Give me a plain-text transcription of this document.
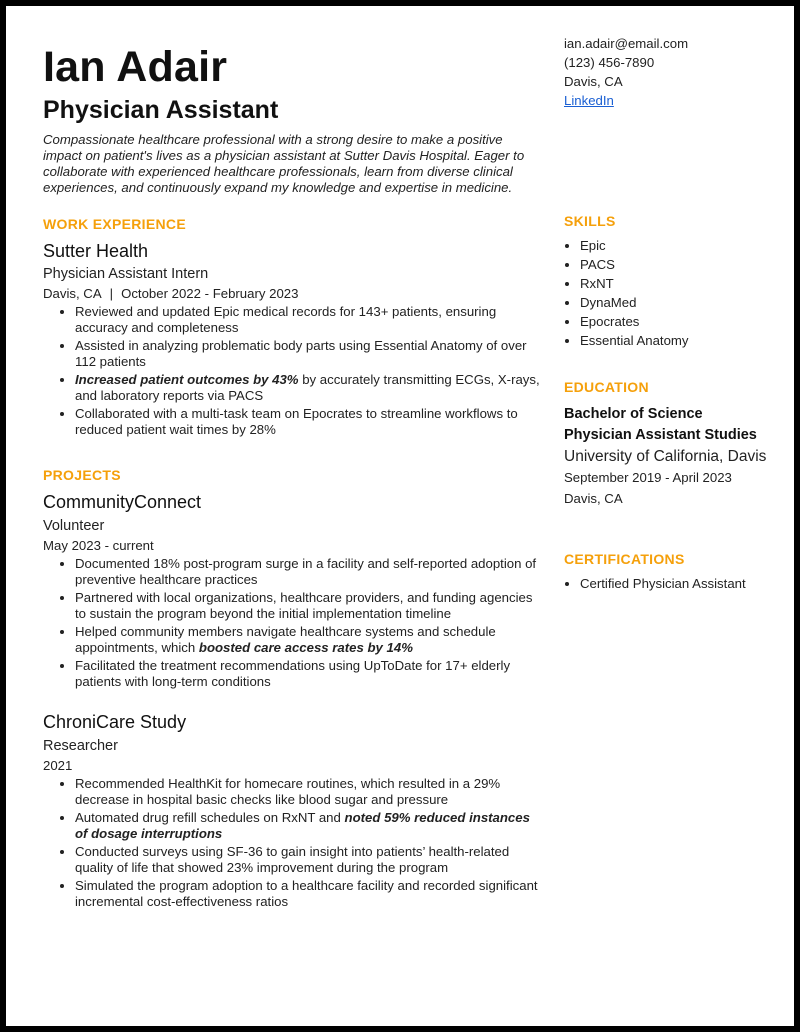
Ian Adair
Physician Assistant

Compassionate healthcare professional with a strong desire to make a positive impact on patient's lives as a physician assistant at Sutter Davis Hospital. Eager to collaborate with experienced healthcare professionals, learn from diverse clinical experiences, and continuously expand my knowledge and expertise in medicine.

WORK EXPERIENCE
Sutter Health
Physician Assistant Intern
Davis, CA | October 2022 - February 2023
• Reviewed and updated Epic medical records for 143+ patients, ensuring accuracy and completeness
• Assisted in analyzing problematic body parts using Essential Anatomy of over 112 patients
• Increased patient outcomes by 43% by accurately transmitting ECGs, X-rays, and laboratory reports via PACS
• Collaborated with a multi-task team on Epocrates to streamline workflows to reduced patient wait times by 28%
PROJECTS
CommunityConnect
Volunteer
May 2023 - current
• Documented 18% post-program surge in a facility and self-reported adoption of preventive healthcare practices
• Partnered with local organizations, healthcare providers, and funding agencies to sustain the program beyond the initial implementation timeline
• Helped community members navigate healthcare systems and schedule appointments, which boosted care access rates by 14%
• Facilitated the treatment recommendations using UpToDate for 17+ elderly patients with long-term conditions
ChroniCare Study
Researcher
2021
• Recommended HealthKit for homecare routines, which resulted in a 29% decrease in hospital basic checks like blood sugar and pressure
• Automated drug refill schedules on RxNT and noted 59% reduced instances of dosage interruptions
• Conducted surveys using SF-36 to gain insight into patients’ health-related quality of life that showed 23% improvement during the program
• Simulated the program adoption to a healthcare facility and recorded significant incremental cost-effectiveness ratios
ian.adair@email.com
(123) 456-7890
Davis, CA
LinkedIn
SKILLS
• Epic
• PACS
• RxNT
• DynaMed
• Epocrates
• Essential Anatomy
EDUCATION
Bachelor of Science
Physician Assistant Studies
University of California, Davis
September 2019 - April 2023
Davis, CA
CERTIFICATIONS
• Certified Physician Assistant
